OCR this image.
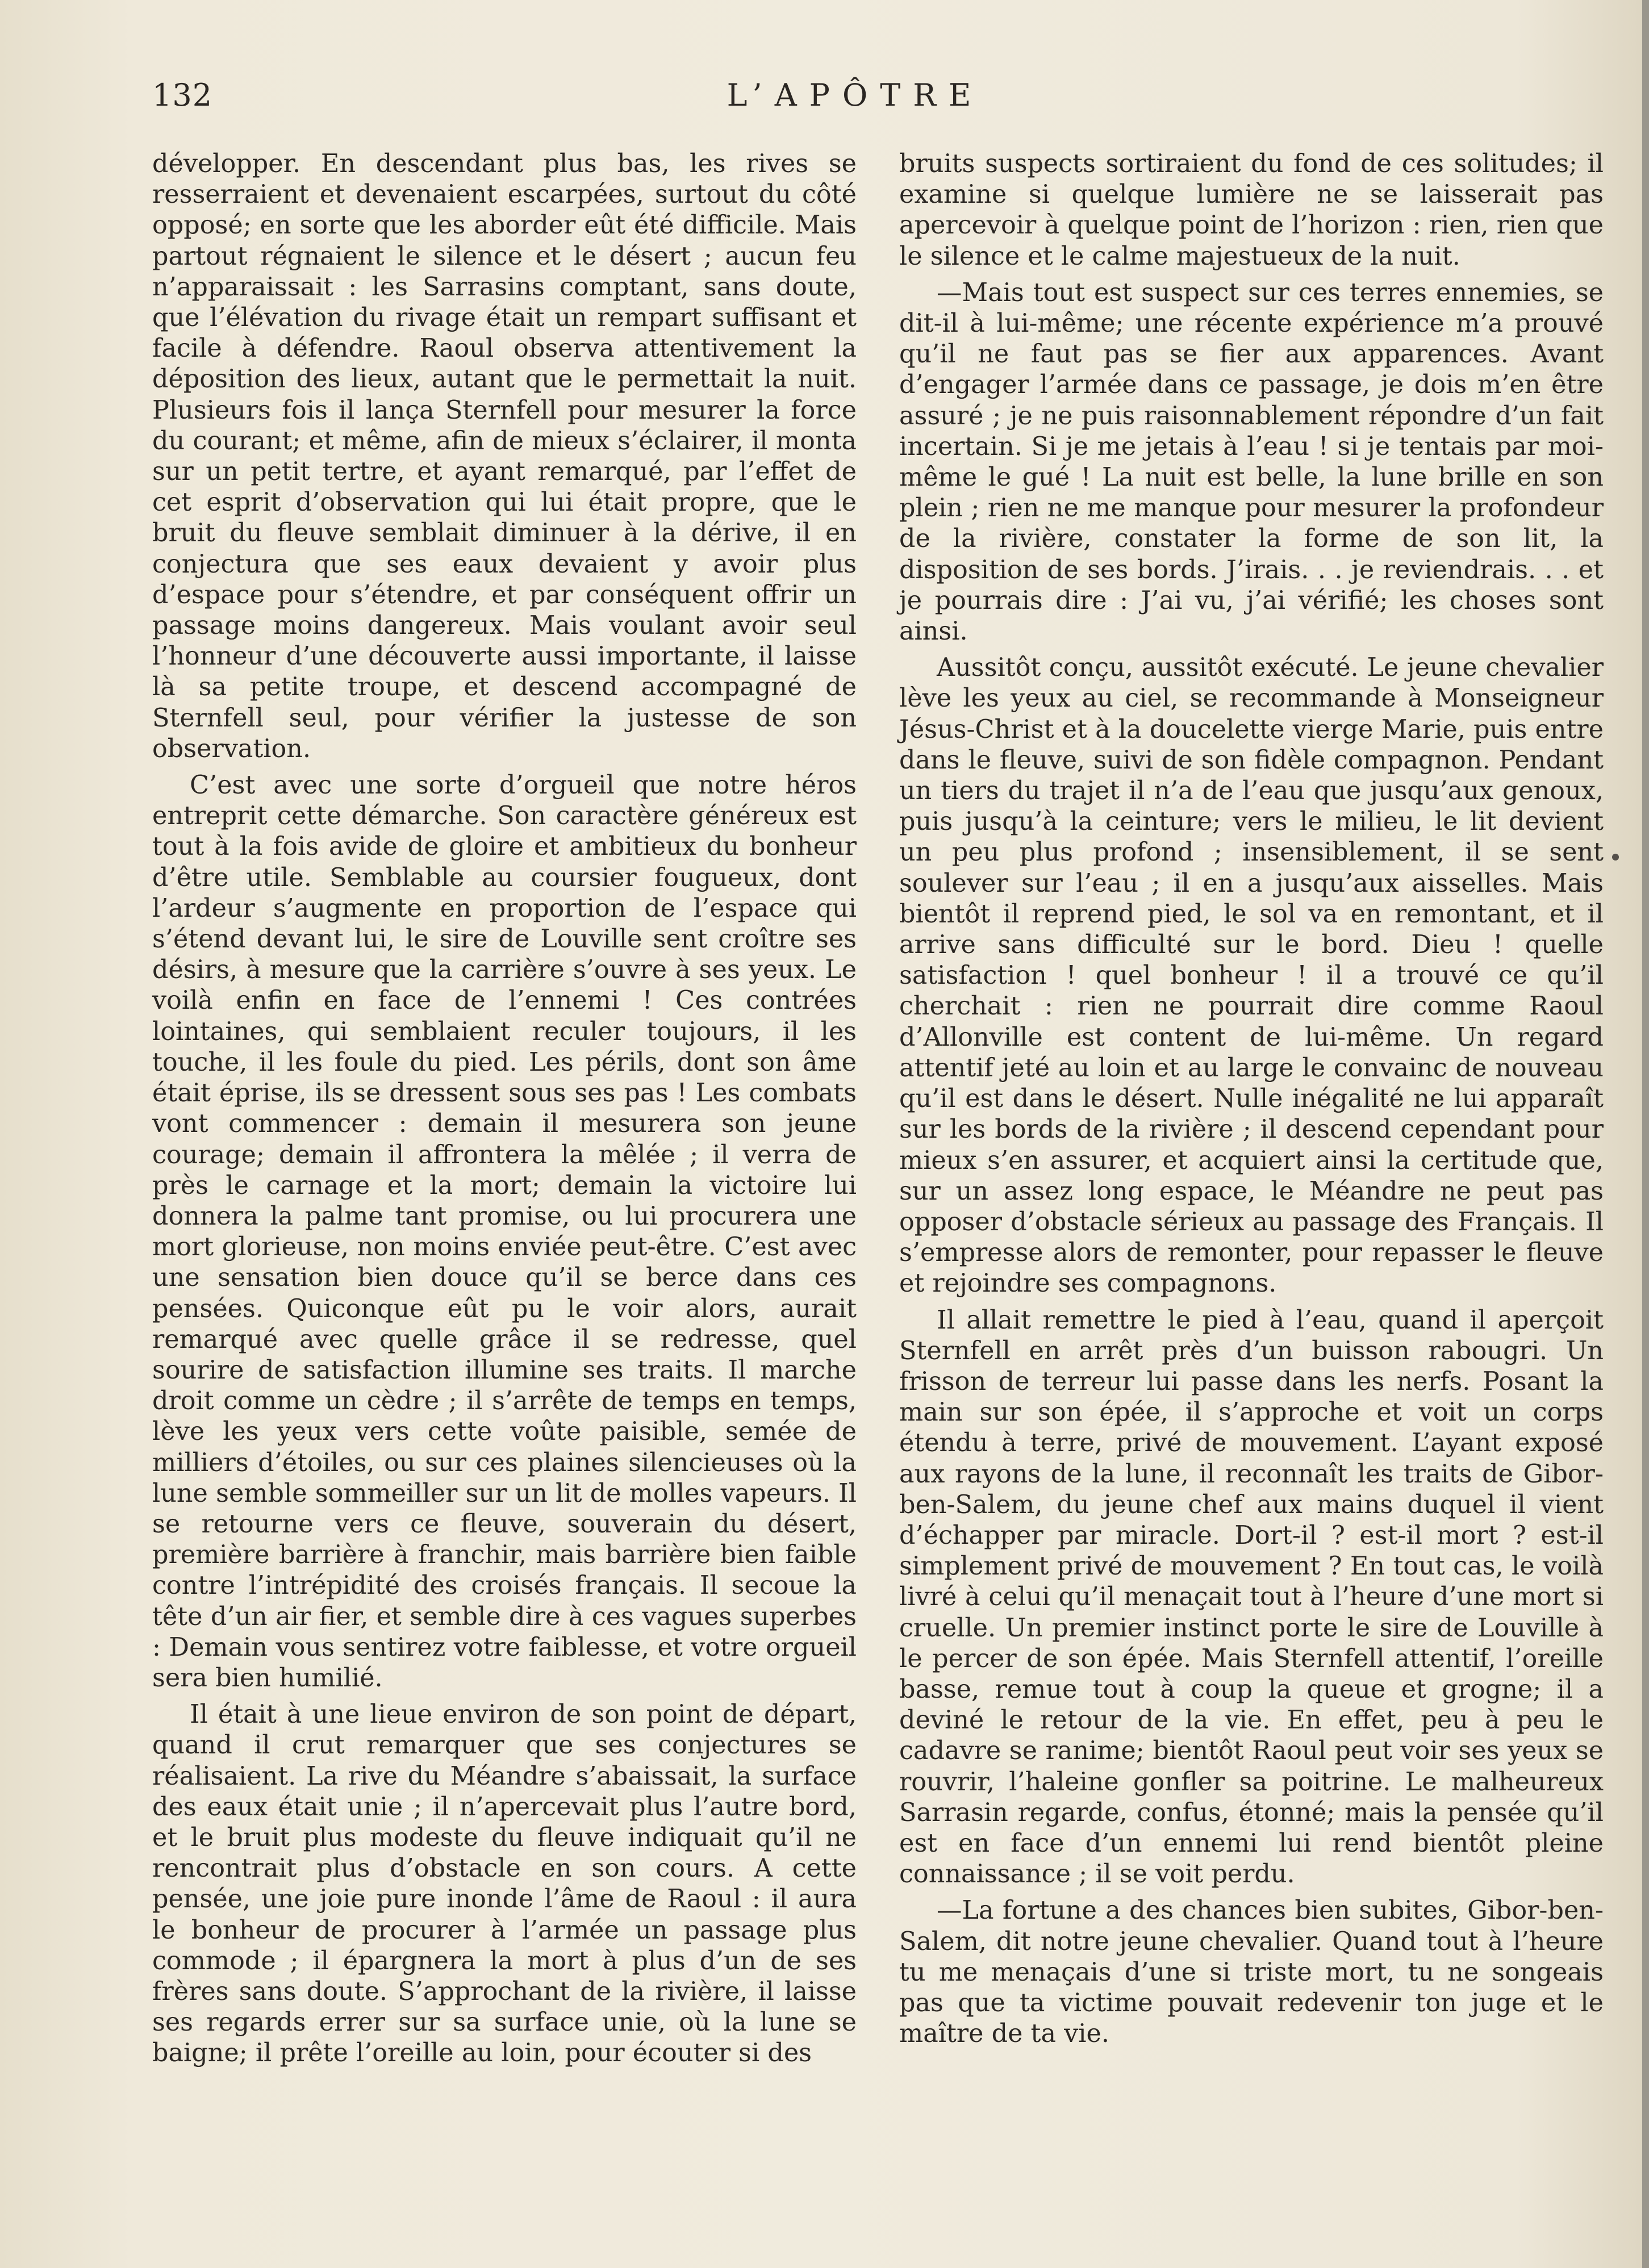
132	L’APÔTRE

développer. En descendant plus bas, les rives se resserraient et devenaient escarpées, surtout du côté opposé; en sorte que les aborder eût été difficile. Mais partout régnaient le silence et le désert ; aucun feu n’apparaissait : les Sarrasins comptant, sans doute, que l’élévation du rivage était un rempart suffisant et facile à défendre. Raoul observa attentivement la déposition des lieux, autant que le permettait la nuit. Plusieurs fois il lança Sternfell pour mesurer la force du courant; et même, afin de mieux s’éclairer, il monta sur un petit tertre, et ayant remarqué, par l’effet de cet esprit d’observation qui lui était propre, que le bruit du fleuve semblait diminuer à la dérive, il en conjectura que ses eaux devaient y avoir plus d’espace pour s’étendre, et par conséquent offrir un passage moins dangereux. Mais voulant avoir seul l’honneur d’une découverte aussi importante, il laisse là sa petite troupe, et descend accompagné de Sternfell seul, pour vérifier la justesse de son observation.

C’est avec une sorte d’orgueil que notre héros entreprit cette démarche. Son caractère généreux est tout à la fois avide de gloire et ambitieux du bonheur d’être utile. Semblable au coursier fougueux, dont l’ardeur s’augmente en proportion de l’espace qui s’étend devant lui, le sire de Louville sent croître ses désirs, à mesure que la carrière s’ouvre à ses yeux. Le voilà enfin en face de l’ennemi ! Ces contrées lointaines, qui semblaient reculer toujours, il les touche, il les foule du pied. Les périls, dont son âme était éprise, ils se dressent sous ses pas ! Les combats vont commencer : demain il mesurera son jeune courage; demain il affrontera la mêlée ; il verra de près le carnage et la mort; demain la victoire lui donnera la palme tant promise, ou lui procurera une mort glorieuse, non moins enviée peut-être. C’est avec une sensation bien douce qu’il se berce dans ces pensées. Quiconque eût pu le voir alors, aurait remarqué avec quelle grâce il se redresse, quel sourire de satisfaction illumine ses traits. Il marche droit comme un cèdre ; il s’arrête de temps en temps, lève les yeux vers cette voûte paisible, semée de milliers d’étoiles, ou sur ces plaines silencieuses où la lune semble sommeiller sur un lit de molles vapeurs. Il se retourne vers ce fleuve, souverain du désert, première barrière à franchir, mais barrière bien faible contre l’intrépidité des croisés français. Il secoue la tête d’un air fier, et semble dire à ces vagues superbes : Demain vous sentirez votre faiblesse, et votre orgueil sera bien humilié.

Il était à une lieue environ de son point de départ, quand il crut remarquer que ses conjectures se réalisaient. La rive du Méandre s’abaissait, la surface des eaux était unie ; il n’apercevait plus l’autre bord, et le bruit plus modeste du fleuve indiquait qu’il ne rencontrait plus d’obstacle en son cours. A cette pensée, une joie pure inonde l’âme de Raoul : il aura le bonheur de procurer à l’armée un passage plus commode ; il épargnera la mort à plus d’un de ses frères sans doute. S’approchant de la rivière, il laisse ses regards errer sur sa surface unie, où la lune se baigne; il prête l’oreille au loin, pour écouter si des

bruits suspects sortiraient du fond de ces solitudes; il examine si quelque lumière ne se laisserait pas apercevoir à quelque point de l’horizon : rien, rien que le silence et le calme majestueux de la nuit.

—Mais tout est suspect sur ces terres ennemies, se dit-il à lui-même; une récente expérience m’a prouvé qu’il ne faut pas se fier aux apparences. Avant d’engager l’armée dans ce passage, je dois m’en être assuré ; je ne puis raisonnablement répondre d’un fait incertain. Si je me jetais à l’eau ! si je tentais par moi-même le gué ! La nuit est belle, la lune brille en son plein ; rien ne me manque pour mesurer la profondeur de la rivière, constater la forme de son lit, la disposition de ses bords. J’irais. . . je reviendrais. . . et je pourrais dire : J’ai vu, j’ai vérifié; les choses sont ainsi.

Aussitôt conçu, aussitôt exécuté. Le jeune chevalier lève les yeux au ciel, se recommande à Monseigneur Jésus-Christ et à la doucelette vierge Marie, puis entre dans le fleuve, suivi de son fidèle compagnon. Pendant un tiers du trajet il n’a de l’eau que jusqu’aux genoux, puis jusqu’à la ceinture; vers le milieu, le lit devient un peu plus profond ; insensiblement, il se sent soulever sur l’eau ; il en a jusqu’aux aisselles. Mais bientôt il reprend pied, le sol va en remontant, et il arrive sans difficulté sur le bord. Dieu ! quelle satisfaction ! quel bonheur ! il a trouvé ce qu’il cherchait : rien ne pourrait dire comme Raoul d’Allonville est content de lui-même. Un regard attentif jeté au loin et au large le convainc de nouveau qu’il est dans le désert. Nulle inégalité ne lui apparaît sur les bords de la rivière ; il descend cependant pour mieux s’en assurer, et acquiert ainsi la certitude que, sur un assez long espace, le Méandre ne peut pas opposer d’obstacle sérieux au passage des Français. Il s’empresse alors de remonter, pour repasser le fleuve et rejoindre ses compagnons.

Il allait remettre le pied à l’eau, quand il aperçoit Sternfell en arrêt près d’un buisson rabougri. Un frisson de terreur lui passe dans les nerfs. Posant la main sur son épée, il s’approche et voit un corps étendu à terre, privé de mouvement. L’ayant exposé aux rayons de la lune, il reconnaît les traits de Gibor-ben-Salem, du jeune chef aux mains duquel il vient d’échapper par miracle. Dort-il ? est-il mort ? est-il simplement privé de mouvement ? En tout cas, le voilà livré à celui qu’il menaçait tout à l’heure d’une mort si cruelle. Un premier instinct porte le sire de Louville à le percer de son épée. Mais Sternfell attentif, l’oreille basse, remue tout à coup la queue et grogne; il a deviné le retour de la vie. En effet, peu à peu le cadavre se ranime; bientôt Raoul peut voir ses yeux se rouvrir, l’haleine gonfler sa poitrine. Le malheureux Sarrasin regarde, confus, étonné; mais la pensée qu’il est en face d’un ennemi lui rend bientôt pleine connaissance ; il se voit perdu.

—La fortune a des chances bien subites, Gibor-ben-Salem, dit notre jeune chevalier. Quand tout à l’heure tu me menaçais d’une si triste mort, tu ne songeais pas que ta victime pouvait redevenir ton juge et le maître de ta vie.
